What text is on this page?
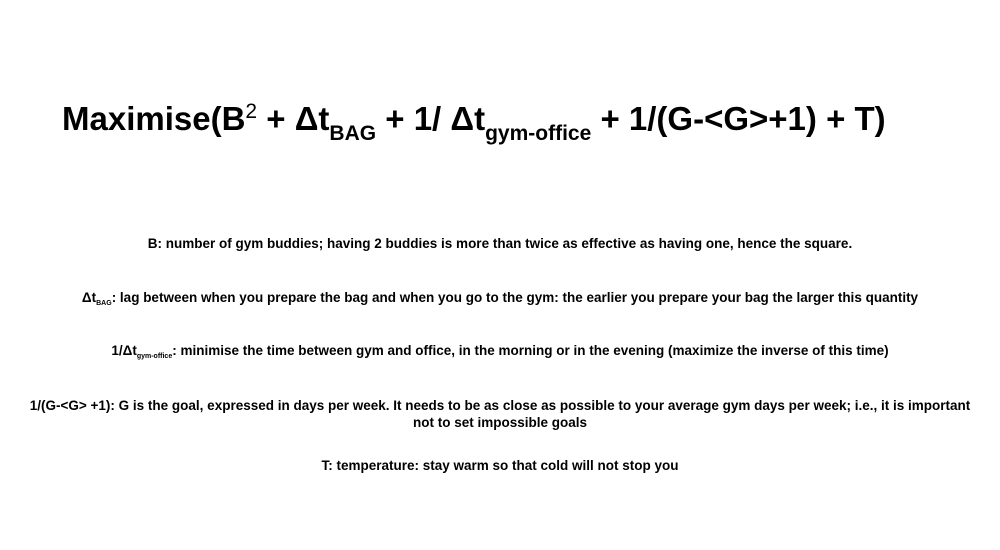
$Maximise(B^2 + \Delta t_{BAG} + 1/$ $\Delta t_{gym-office} + 1/(G-<G>+1) + T$)
B: number of gym buddies; having 2 buddies is more than twice as effective as having one, hence the square.
$\Delta t_{BAG}$: lag between when you prepare the bag and when you go to the gym: the earlier you prepare your bag the larger this quantity
$1/\Delta t_{gym-office}$: minimise the time between gym and office, in the morning or in the evening (maximize the inverse of this time)
1/(G-<G> +1): G is the goal, expressed in days per week. It needs to be as close as possible to your average gym days per week; i.e., it is important not to set impossible goals
T: temperature: stay warm so that cold will not stop you
